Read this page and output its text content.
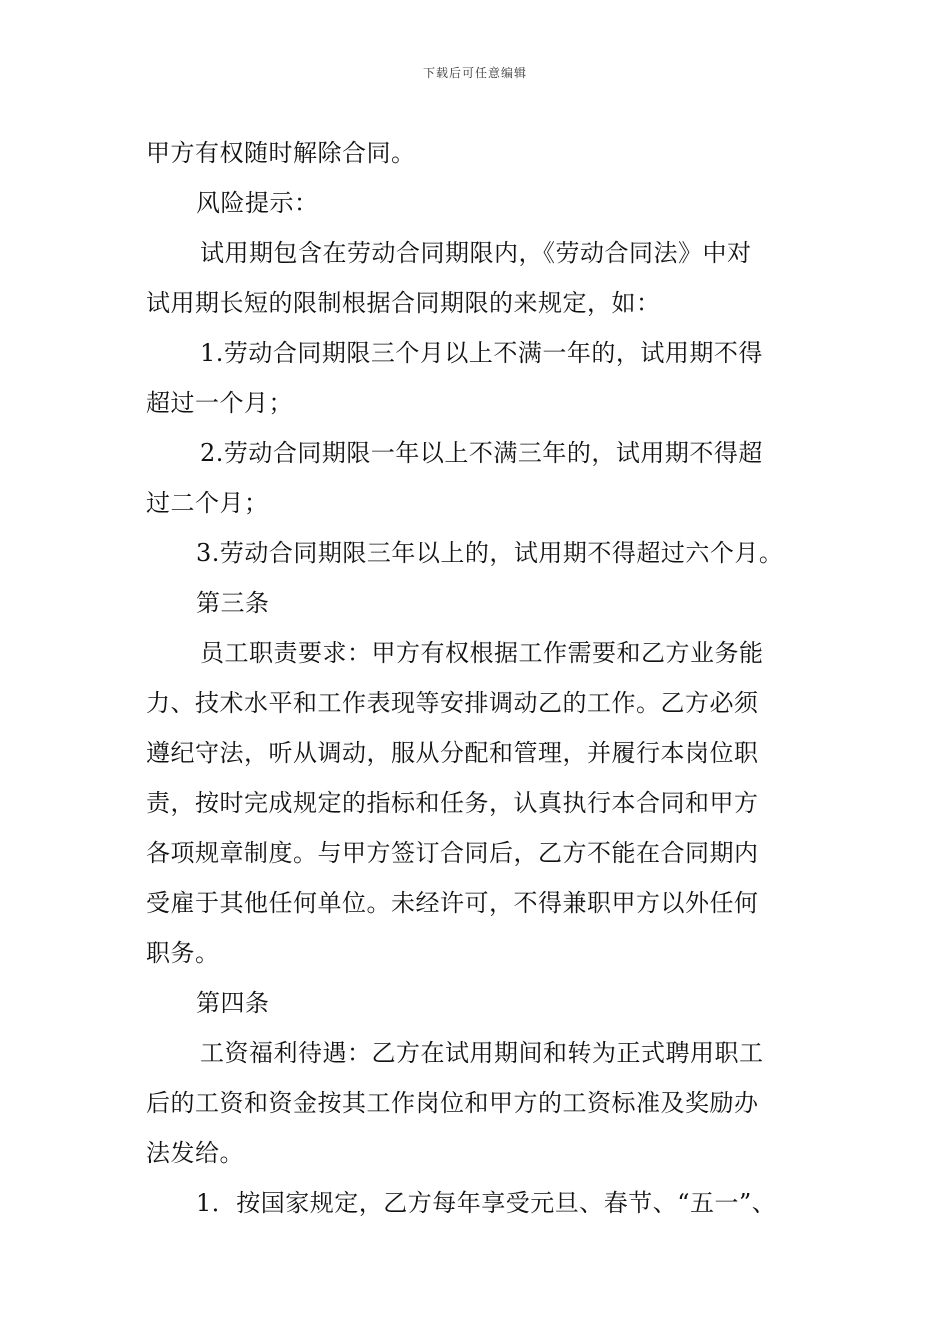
下载后可任意编辑

甲方有权随时解除合同。

风险提示：

试用期包含在劳动合同期限内，《劳动合同法》中对

试用期长短的限制根据合同期限的来规定，如：

1.劳动合同期限三个月以上不满一年的，试用期不得

超过一个月；

2.劳动合同期限一年以上不满三年的，试用期不得超

过二个月；

3.劳动合同期限三年以上的，试用期不得超过六个月。

第三条

员工职责要求：甲方有权根据工作需要和乙方业务能

力、技术水平和工作表现等安排调动乙的工作。乙方必须

遵纪守法，听从调动，服从分配和管理，并履行本岗位职

责，按时完成规定的指标和任务，认真执行本合同和甲方

各项规章制度。与甲方签订合同后，乙方不能在合同期内

受雇于其他任何单位。未经许可，不得兼职甲方以外任何

职务。

第四条

工资福利待遇：乙方在试用期间和转为正式聘用职工

后的工资和资金按其工作岗位和甲方的工资标准及奖励办

法发给。

1．按国家规定，乙方每年享受元旦、春节、“五一”、
